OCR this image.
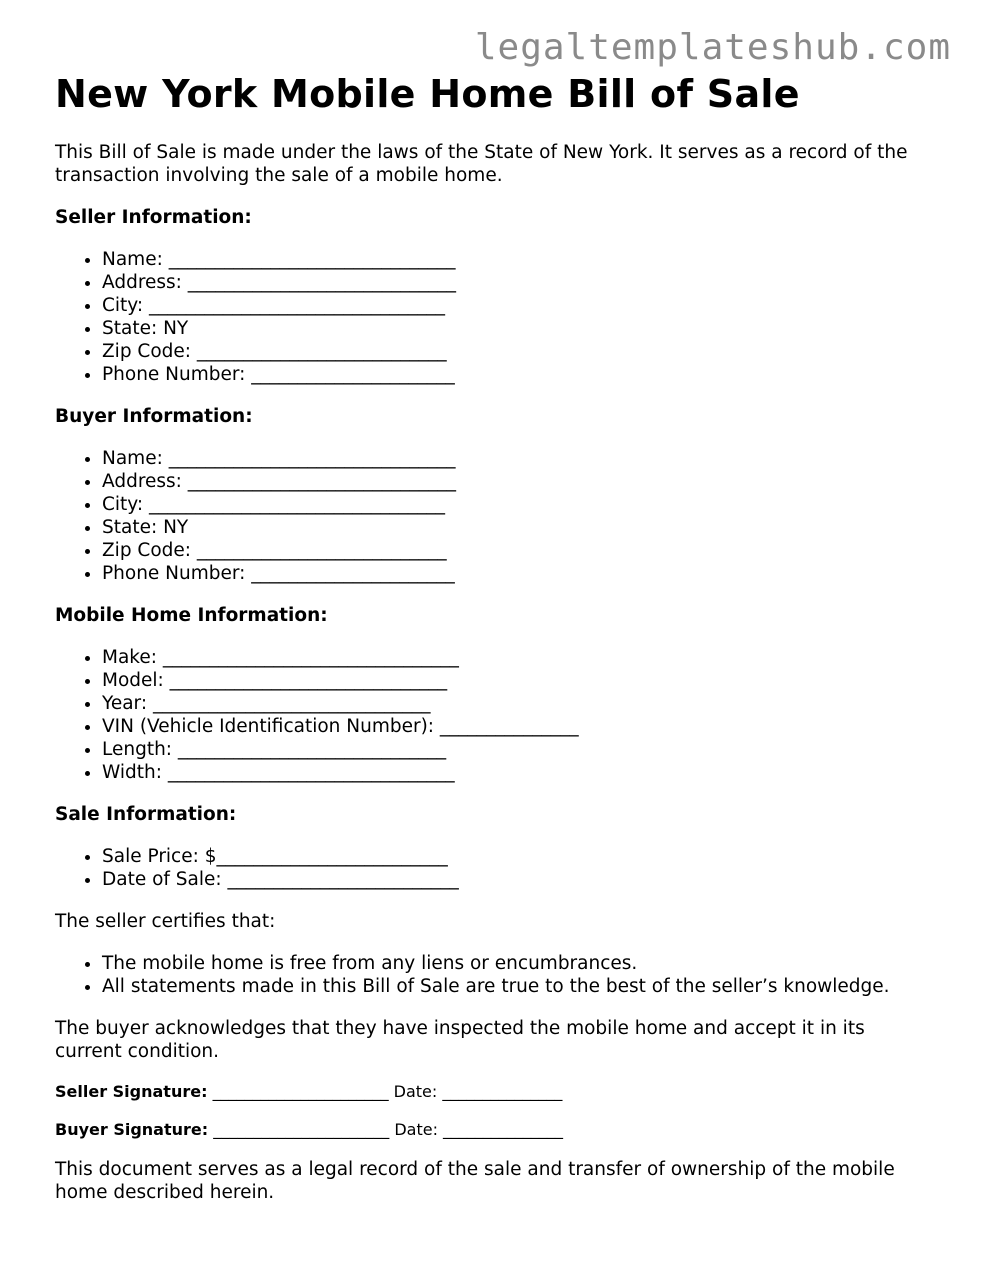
legaltemplateshub.com
New York Mobile Home Bill of Sale

This Bill of Sale is made under the laws of the State of New York. It serves as a record of the transaction involving the sale of a mobile home.

Seller Information:
• Name: _______________________________
• Address: _____________________________
• City: ________________________________
• State: NY
• Zip Code: ___________________________
• Phone Number: ______________________
Buyer Information:
• Name: _______________________________
• Address: _____________________________
• City: ________________________________
• State: NY
• Zip Code: ___________________________
• Phone Number: ______________________
Mobile Home Information:
• Make: ________________________________
• Model: ______________________________
• Year: ______________________________
• VIN (Vehicle Identification Number): _______________
• Length: _____________________________
• Width: _______________________________
Sale Information:
• Sale Price: $_________________________
• Date of Sale: _________________________

The seller certifies that:

• The mobile home is free from any liens or encumbrances.
• All statements made in this Bill of Sale are true to the best of the seller’s knowledge.

The buyer acknowledges that they have inspected the mobile home and accept it in its current condition.

Seller Signature: ______________________ Date: _______________
Buyer Signature: ______________________ Date: _______________

This document serves as a legal record of the sale and transfer of ownership of the mobile home described herein.
